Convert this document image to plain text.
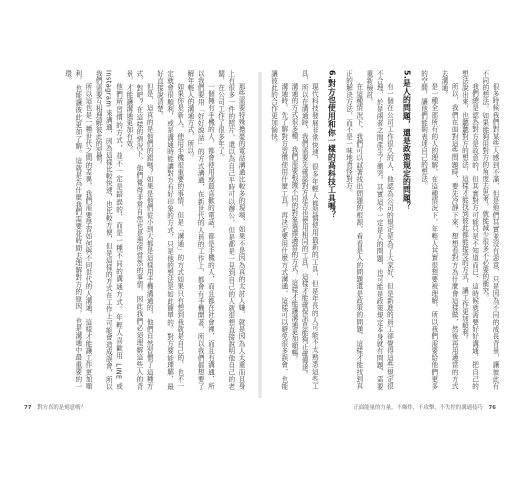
那些需要特殊擔憂的電話溝通比較多的現場，如果不是因為真的太討人嫌，就是因為人太重而且身上有很多一件的照片，還以為自己平時可以辦公，但是都是一見到自己的人就很想直接說明他自己的老闆，在公司工作了很多年了。

一個擁有手機的人，都會使用或最喜歡的電話，都是手機的人，而且都在社會裡，而且有溝通，所以我們要用「好好說話」的方式溝通，在新世代的人員的工作上，都會有手機開著，所以我們都想要了解年輕人的溝通方式，所以。

如果你是新人，使用手機很重要的事情，但是「溝通」的方式如果只有想到我就是自己的，也不一定就會很順利，或是溝通時能讓對方有好印象的方式，只是他的想法是如此簡單的。對方要能理解，最好直接說清楚。

但是，這真的是他們的錯嗎？如果是他們從小到大都是這樣用手機溝通的，他們自然習慣了這種方式，對吧？在這樣的情況下，他們覺得非常自然也是理所當然的事情，因此我們必須理解這些人的背景，才能讓溝通更加有效。

他們所習慣的方式，並不一定是錯誤的，而是一種不同的溝通方式。年輕人喜歡用 LINE 或 Instagram 來溝通，因為這樣比較快速，也比較方便，但是這樣的方式在工作上可能會造成誤會，所以我們需要互相理解彼此的習慣。

所以這也是一種世代之間的差異，我們需要學習如何與不同世代的人溝通，這樣才能讓工作更加順利，也能讓彼此更加了解。這就是為什麼我們需要花時間去理解對方的原因，也是溝通中最重要的一環。

很多時候我們對某些人感到不滿，但是他們其實並沒有惡意，只是因為不同的成長背景，讓彼此有不同的想法，如果能夠用對方的角度去思考，就能減少很多不必要的衝突。

我們總是認為對方是故意的，但其實對方可能只是不知道而已，這時候就需要好好溝通，把自己的想法說出來，也聽聽對方的想法，這樣才能找到彼此都能接受的方式，讓工作更加順利。

所以，我們在面對這些問題時，要先冷靜下來，想想看對方為什麼會這樣做，然後再用適當的方式去溝通。

是一種全部所有的人的理解，在這種情況下，年輕人其實很想要被理解，所以我們需要給他們更多的空間，讓他們能夠表達自己的想法。

5.是人的問題，還是政策規定的問題？

有一個在公司工作很久的人，他認為公司的規定是為了大家好，但是新進的員工卻覺得這些規定很不合理，於是兩者之間產生了衝突。其實這不一定是人的問題，也可能是政策規定本身就有問題，需要重新檢討。

在這種情況下，我們可以試著找出問題的根源，看看是人的問題還是政策的問題，這樣才能找到真正的解決方法，而不是一味地責怪對方。

6.對方也使用和你一樣的高科技工具嗎？

現代科技發展非常快速，很多年輕人都習慣使用最新的工具，但是年長的人可能不太熟悉這些工具，所以在溝通時，我們需要先確認對方是否也使用相同的工具，這樣才能確保訊息能夠正確傳達。

溝通的方式很多種，我們需要根據不同的對象選擇適當的方式，這樣才能讓溝通更加順暢。

溝通時，先了解對方習慣使用什麼工具，再決定要用什麼方式溝通，這樣可以避免很多誤會，也能讓彼此的合作更加愉快。

77 對方真的是刻意嗎？	正面能量的力量，不爆炸，不攻擊，不失控的溝通技巧 76
